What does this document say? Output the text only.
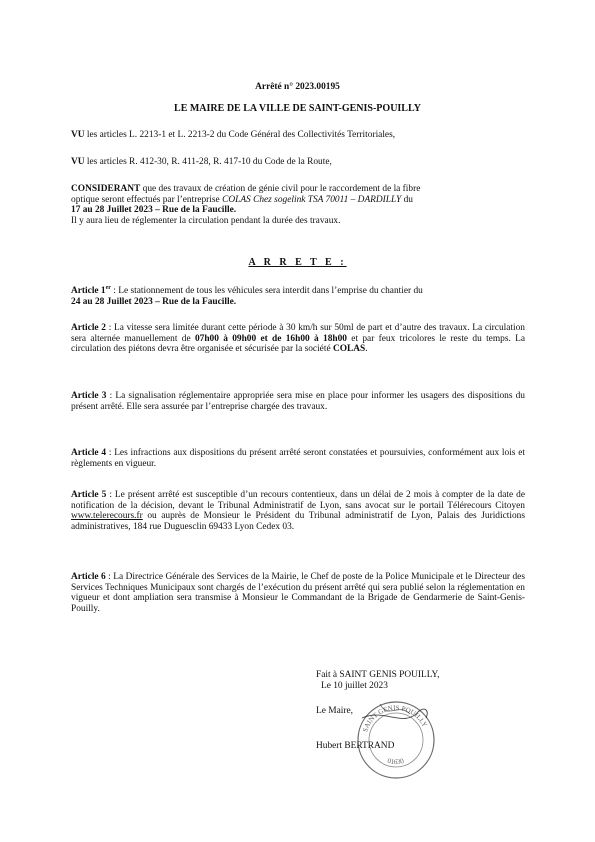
Arrêté n° 2023.00195
LE MAIRE DE LA VILLE DE SAINT-GENIS-POUILLY
VU les articles L. 2213-1 et L. 2213-2 du Code Général des Collectivités Territoriales,
VU les articles R. 412-30, R. 411-28, R. 417-10 du Code de la Route,
CONSIDERANT que des travaux de création de génie civil pour le raccordement de la fibre
optique seront effectués par l’entreprise COLAS Chez sogelink TSA 70011 – DARDILLY du
17 au 28 Juillet 2023 – Rue de la Faucille.
Il y aura lieu de réglementer la circulation pendant la durée des travaux.
A R R E T E :
Article 1er : Le stationnement de tous les véhicules sera interdit dans l’emprise du chantier du
24 au 28 Juillet 2023 – Rue de la Faucille.
Article 2 : La vitesse sera limitée durant cette période à 30 km/h sur 50ml de part et d’autre des travaux. La circulation sera alternée manuellement de 07h00 à 09h00 et de 16h00 à 18h00 et par feux tricolores le reste du temps. La circulation des piétons devra être organisée et sécurisée par la société COLAS.
Article 3 : La signalisation réglementaire appropriée sera mise en place pour informer les usagers des dispositions du présent arrêté. Elle sera assurée par l’entreprise chargée des travaux.
Article 4 : Les infractions aux dispositions du présent arrêté seront constatées et poursuivies, conformément aux lois et règlements en vigueur.
Article 5 : Le présent arrêté est susceptible d’un recours contentieux, dans un délai de 2 mois à compter de la date de notification de la décision, devant le Tribunal Administratif de Lyon, sans avocat sur le portail Télérecours Citoyen www.telerecours.fr ou auprès de Monsieur le Président du Tribunal administratif de Lyon, Palais des Juridictions administratives, 184 rue Duguesclin 69433 Lyon Cedex 03.
Article 6 : La Directrice Générale des Services de la Mairie, le Chef de poste de la Police Municipale et le Directeur des Services Techniques Municipaux sont chargés de l’exécution du présent arrêté qui sera publié selon la réglementation en vigueur et dont ampliation sera transmise à Monsieur le Commandant de la Brigade de Gendarmerie de Saint-Genis-Pouilly.
Fait à SAINT GENIS POUILLY,
Le 10 juillet 2023
Le Maire,
Hubert BERTRAND
SAINT GENIS POUILLY
01630
